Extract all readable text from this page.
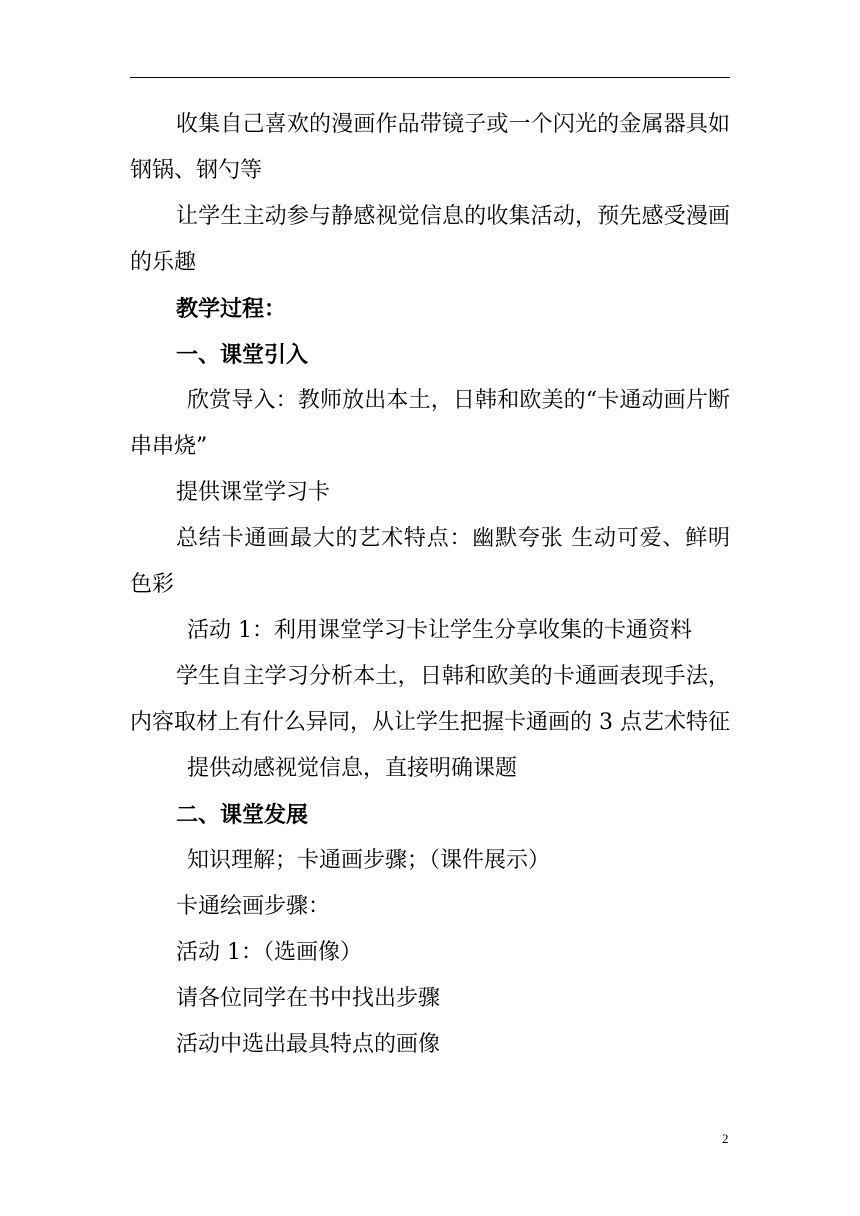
收集自己喜欢的漫画作品带镜子或一个闪光的金属器具如钢锅、钢勺等

让学生主动参与静感视觉信息的收集活动，预先感受漫画的乐趣

教学过程：

一、课堂引入

欣赏导入：教师放出本土，日韩和欧美的“卡通动画片断串串烧”

提供课堂学习卡

总结卡通画最大的艺术特点：幽默夸张 生动可爱、鲜明色彩

活动 1：利用课堂学习卡让学生分享收集的卡通资料

学生自主学习分析本土，日韩和欧美的卡通画表现手法，内容取材上有什么异同，从让学生把握卡通画的 3 点艺术特征

提供动感视觉信息，直接明确课题

二、课堂发展

知识理解；卡通画步骤；（课件展示）

卡通绘画步骤：

活动 1：（选画像）

请各位同学在书中找出步骤

活动中选出最具特点的画像

2
